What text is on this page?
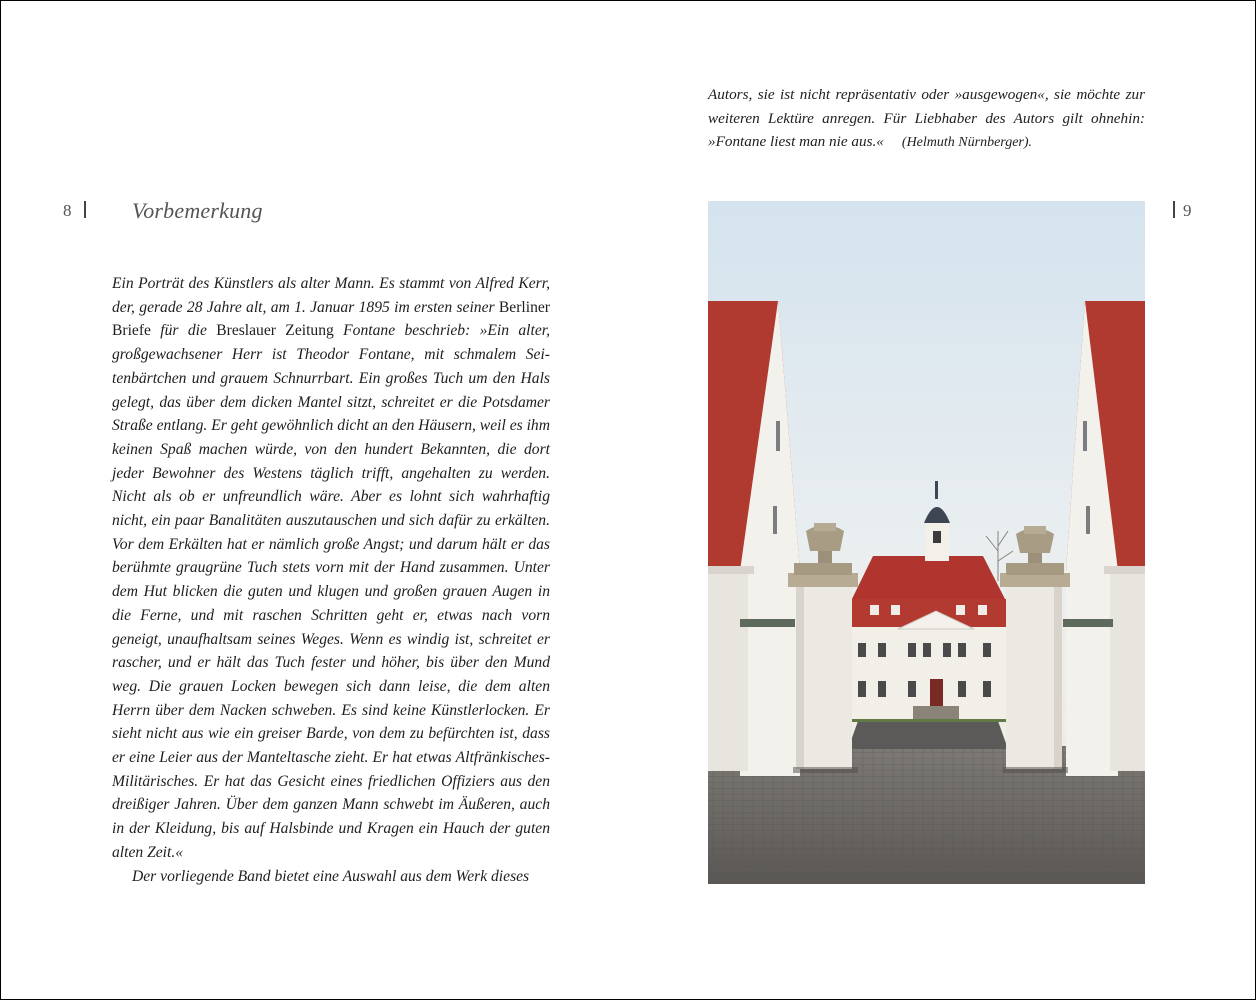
8	Vorbemerkung

Ein Porträt des Künstlers als alter Mann. Es stammt von Alfred Kerr, der, gerade 28 Jahre alt, am 1. Januar 1895 im ersten seiner Berliner Briefe für die Breslauer Zeitung Fontane beschrieb: »Ein alter, großgewachsener Herr ist Theodor Fontane, mit schmalem Seitenbärtchen und grauem Schnurrbart. Ein großes Tuch um den Hals gelegt, das über dem dicken Mantel sitzt, schreitet er die Potsdamer Straße entlang. Er geht gewöhnlich dicht an den Häusern, weil es ihm keinen Spaß machen würde, von den hundert Bekannten, die dort jeder Bewohner des Westens täglich trifft, angehalten zu werden. Nicht als ob er unfreundlich wäre. Aber es lohnt sich wahrhaftig nicht, ein paar Banalitäten auszutauschen und sich dafür zu erkälten. Vor dem Erkälten hat er nämlich große Angst; und darum hält er das berühmte graugrüne Tuch stets vorn mit der Hand zusammen. Unter dem Hut blicken die guten und klugen und großen grauen Augen in die Ferne, und mit raschen Schritten geht er, etwas nach vorn geneigt, unaufhaltsam seines Weges. Wenn es windig ist, schreitet er rascher, und er hält das Tuch fester und höher, bis über den Mund weg. Die grauen Locken bewegen sich dann leise, die dem alten Herrn über dem Nacken schweben. Es sind keine Künstlerlocken. Er sieht nicht aus wie ein greiser Barde, von dem zu befürchten ist, dass er eine Leier aus der Manteltasche zieht. Er hat etwas Altfränkisches-Militärisches. Er hat das Gesicht eines friedlichen Offiziers aus den dreißiger Jahren. Über dem ganzen Mann schwebt im Äußeren, auch in der Kleidung, bis auf Halsbinde und Kragen ein Hauch der guten alten Zeit.«

Der vorliegende Band bietet eine Auswahl aus dem Werk dieses

Autors, sie ist nicht repräsentativ oder »ausgewogen«, sie möchte zur weiteren Lektüre anregen. Für Liebhaber des Autors gilt ohnehin: »Fontane liest man nie aus.« (Helmuth Nürnberger).
9
